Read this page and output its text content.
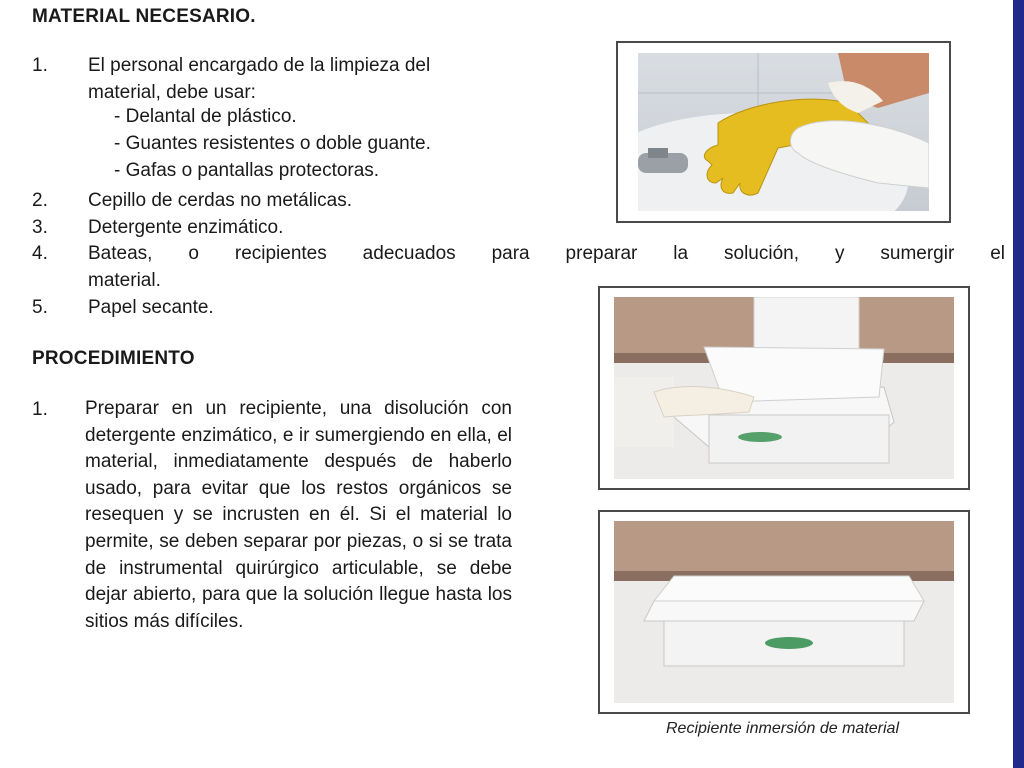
MATERIAL NECESARIO.
1. El personal encargado de la limpieza del
material, debe usar:
- Delantal de plástico.
- Guantes resistentes o doble guante.
- Gafas o pantallas protectoras.
2. Cepillo de cerdas no metálicas.
3. Detergente enzimático.
4. Bateas, o recipientes adecuados para preparar la solución, y sumergir el
material.
5. Papel secante.
PROCEDIMIENTO
1. Preparar en un recipiente, una disolución con detergente enzimático, e ir sumergiendo en ella, el material, inmediatamente después de haberlo usado, para evitar que los restos orgánicos se resequen y se incrusten en él. Si el material lo permite, se deben separar por piezas, o si se trata de instrumental quirúrgico articulable, se debe dejar abierto, para que la solución llegue hasta los sitios más difíciles.
Recipiente inmersión de material
